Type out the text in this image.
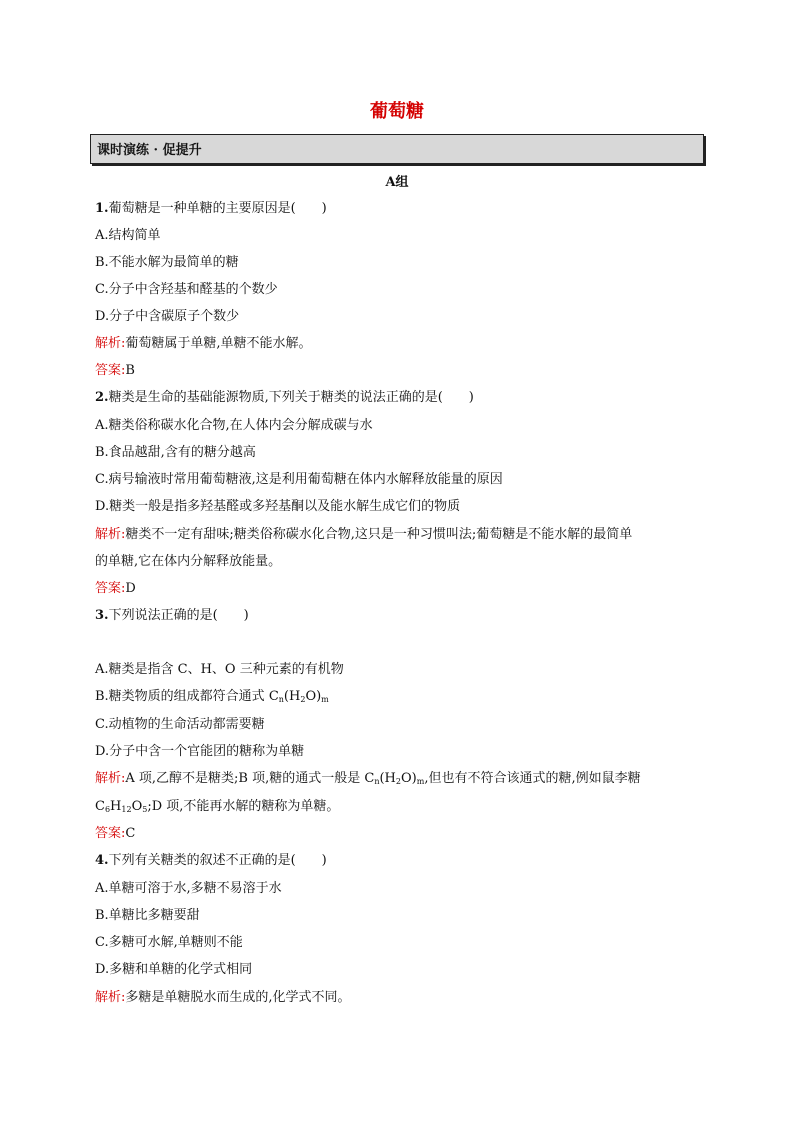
葡萄糖
课时演练 · 促提升
A组
1.葡萄糖是一种单糖的主要原因是(　　)
A.结构简单
B.不能水解为最简单的糖
C.分子中含羟基和醛基的个数少
D.分子中含碳原子个数少
解析:葡萄糖属于单糖,单糖不能水解。
答案:B
2.糖类是生命的基础能源物质,下列关于糖类的说法正确的是(　　)
A.糖类俗称碳水化合物,在人体内会分解成碳与水
B.食品越甜,含有的糖分越高
C.病号输液时常用葡萄糖液,这是利用葡萄糖在体内水解释放能量的原因
D.糖类一般是指多羟基醛或多羟基酮以及能水解生成它们的物质
解析:糖类不一定有甜味;糖类俗称碳水化合物,这只是一种习惯叫法;葡萄糖是不能水解的最简单
的单糖,它在体内分解释放能量。
答案:D
3.下列说法正确的是(　　)
A.糖类是指含 C、H、O 三种元素的有机物
B.糖类物质的组成都符合通式 $C_n(H_2O)_m$
C.动植物的生命活动都需要糖
D.分子中含一个官能团的糖称为单糖
解析:A 项,乙醇不是糖类;B 项,糖的通式一般是 $C_n(H_2O)_m$,但也有不符合该通式的糖,例如鼠李糖
$C_6H_{12}O_5;D$ 项,不能再水解的糖称为单糖。
答案:C
4.下列有关糖类的叙述不正确的是(　　)
A.单糖可溶于水,多糖不易溶于水
B.单糖比多糖要甜
C.多糖可水解,单糖则不能
D.多糖和单糖的化学式相同
解析:多糖是单糖脱水而生成的,化学式不同。
